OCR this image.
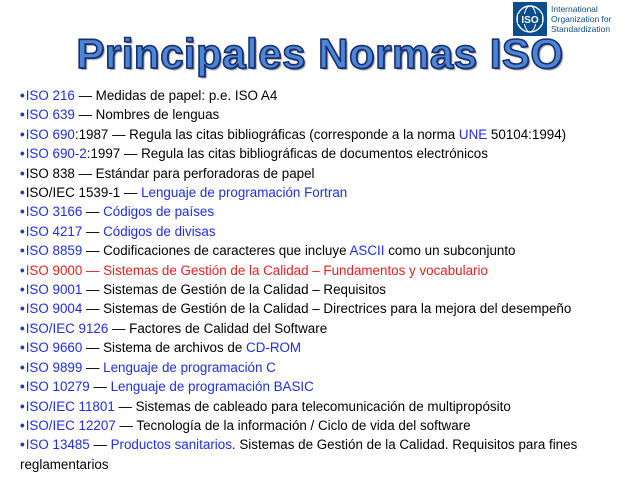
ISO
International
Organization for
Standardization
Principales Normas ISO
•ISO 216 — Medidas de papel: p.e. ISO A4
•ISO 639 — Nombres de lenguas
•ISO 690:1987 — Regula las citas bibliográficas (corresponde a la norma UNE 50104:1994)
•ISO 690-2:1997 — Regula las citas bibliográficas de documentos electrónicos
•ISO 838 — Estándar para perforadoras de papel
•ISO/IEC 1539-1 — Lenguaje de programación Fortran
•ISO 3166 — Códigos de países
•ISO 4217 — Códigos de divisas
•ISO 8859 — Codificaciones de caracteres que incluye ASCII como un subconjunto
•ISO 9000 — Sistemas de Gestión de la Calidad – Fundamentos y vocabulario
•ISO 9001 — Sistemas de Gestión de la Calidad – Requisitos
•ISO 9004 — Sistemas de Gestión de la Calidad – Directrices para la mejora del desempeño
•ISO/IEC 9126 — Factores de Calidad del Software
•ISO 9660 — Sistema de archivos de CD-ROM
•ISO 9899 — Lenguaje de programación C
•ISO 10279 — Lenguaje de programación BASIC
•ISO/IEC 11801 — Sistemas de cableado para telecomunicación de multipropósito
•ISO/IEC 12207 — Tecnología de la información / Ciclo de vida del software
•ISO 13485 — Productos sanitarios. Sistemas de Gestión de la Calidad. Requisitos para fines reglamentarios
